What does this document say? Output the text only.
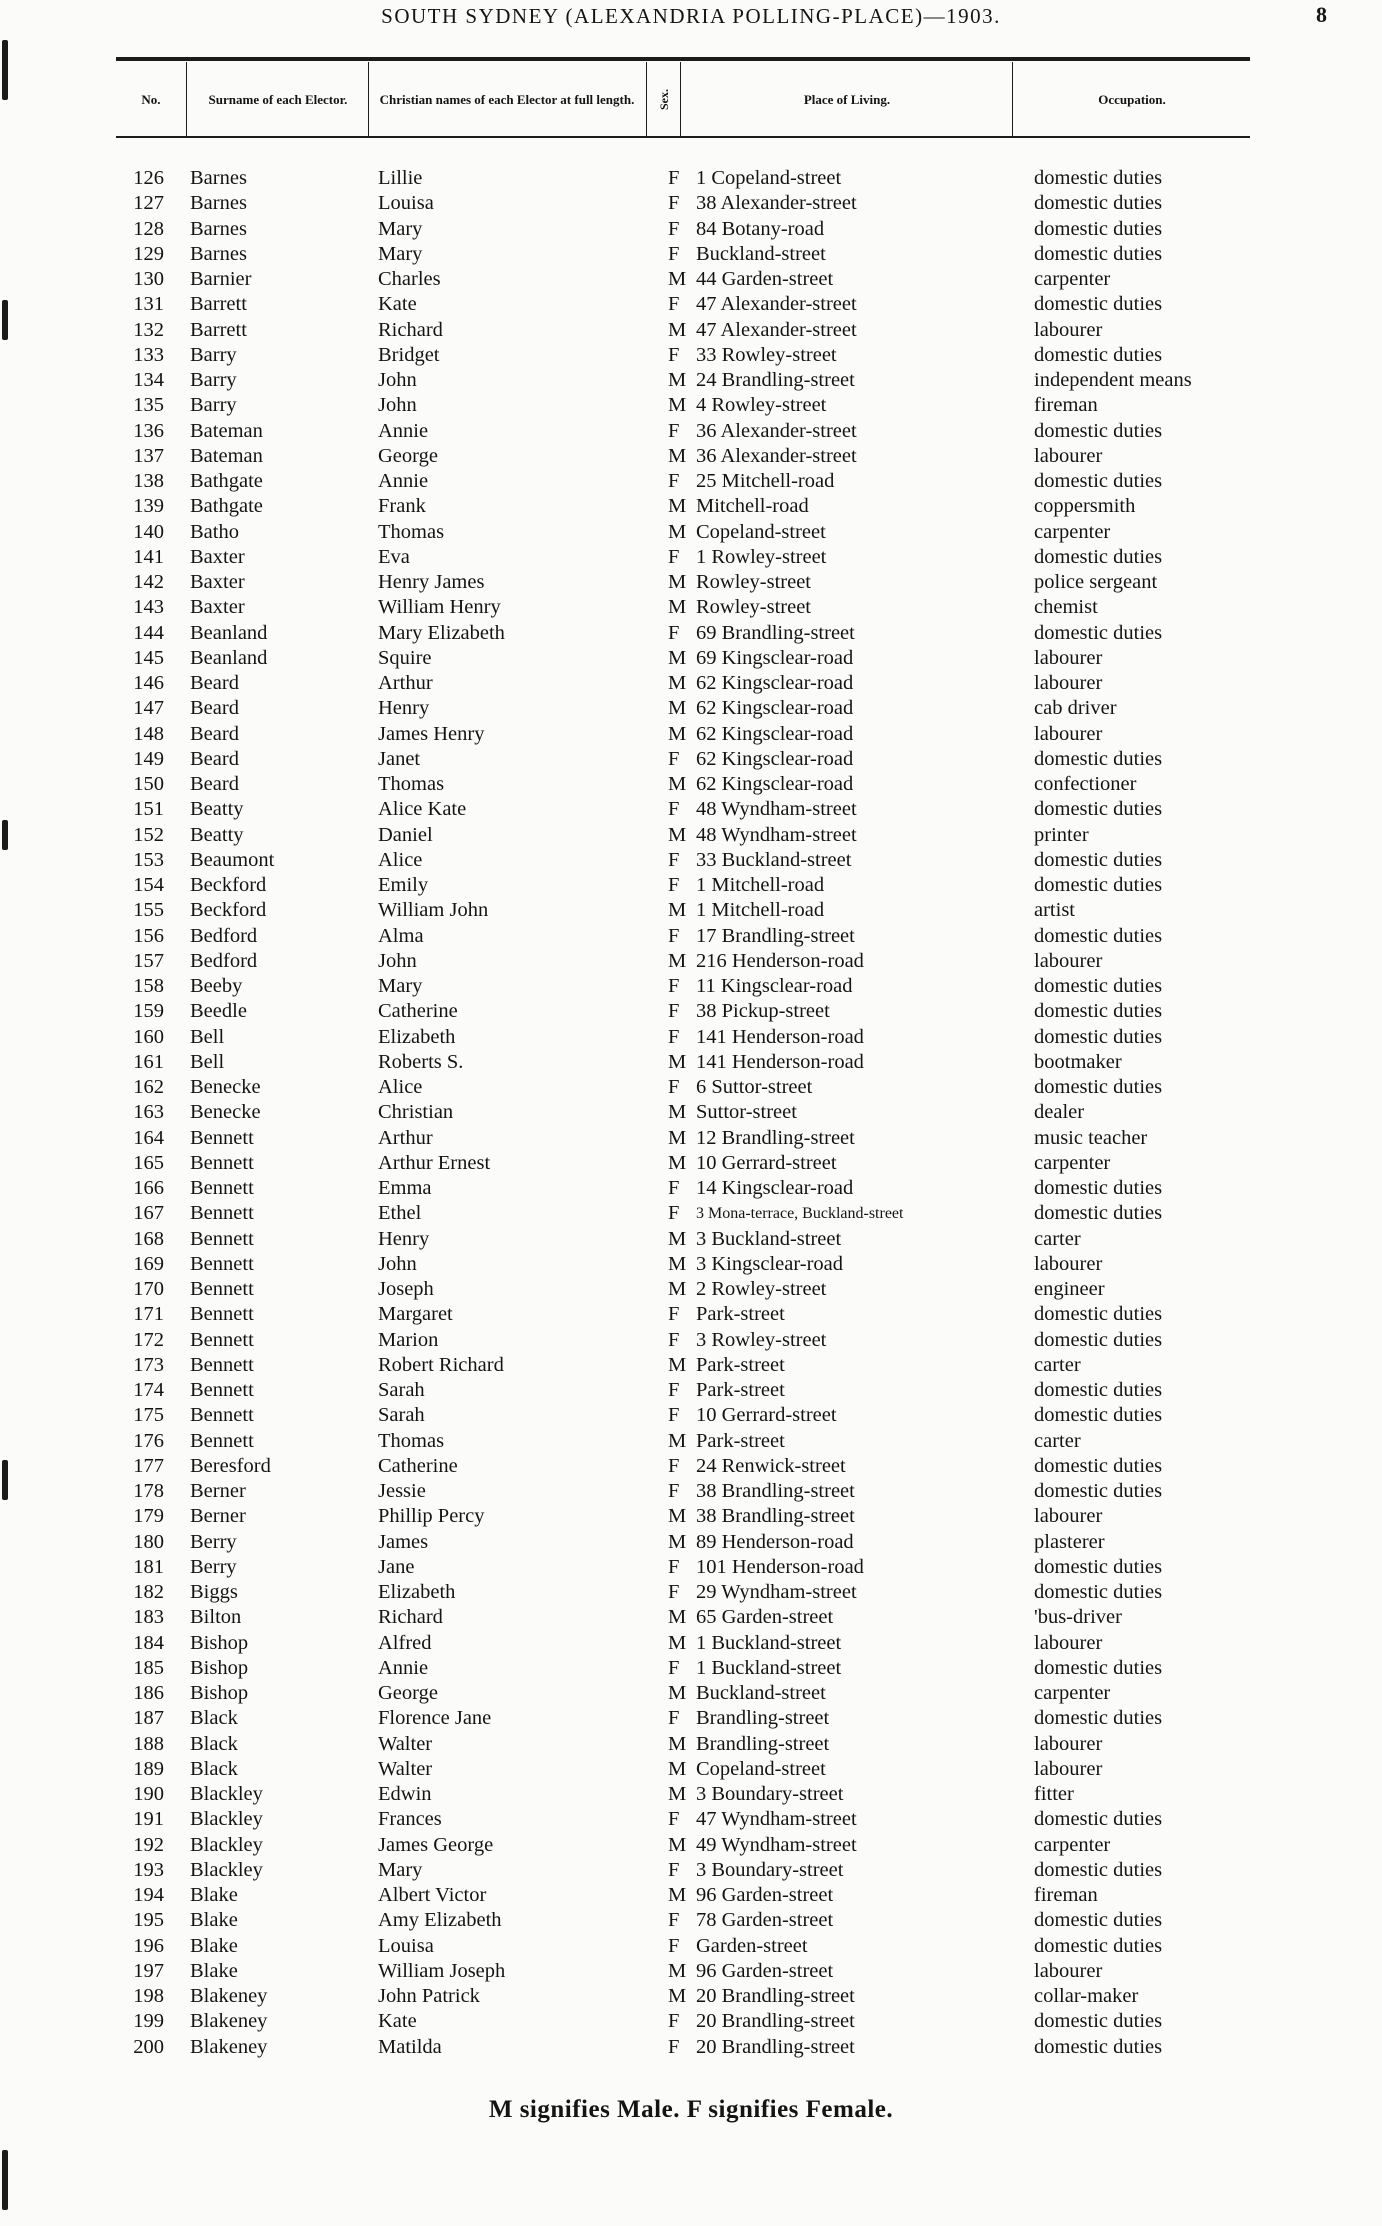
SOUTH SYDNEY (ALEXANDRIA POLLING-PLACE)—1903.	8
No.	Surname of each Elector.	Christian names of each Elector at full length.	Sex.	Place of Living.	Occupation.
126 Barnes	Lillie	F 1 Copeland-street	domestic duties
127 Barnes	Louisa	F 38 Alexander-street	domestic duties
128 Barnes	Mary	F 84 Botany-road	domestic duties
129 Barnes	Mary	F Buckland-street	domestic duties
130 Barnier	Charles	M 44 Garden-street	carpenter
131 Barrett	Kate	F 47 Alexander-street	domestic duties
132 Barrett	Richard	M 47 Alexander-street	labourer
133 Barry	Bridget	F 33 Rowley-street	domestic duties
134 Barry	John	M 24 Brandling-street	independent means
135 Barry	John	M 4 Rowley-street	fireman
136 Bateman	Annie	F 36 Alexander-street	domestic duties
137 Bateman	George	M 36 Alexander-street	labourer
138 Bathgate	Annie	F 25 Mitchell-road	domestic duties
139 Bathgate	Frank	M Mitchell-road	coppersmith
140 Batho	Thomas	M Copeland-street	carpenter
141 Baxter	Eva	F 1 Rowley-street	domestic duties
142 Baxter	Henry James	M Rowley-street	police sergeant
143 Baxter	William Henry	M Rowley-street	chemist
144 Beanland	Mary Elizabeth	F 69 Brandling-street	domestic duties
145 Beanland	Squire	M 69 Kingsclear-road	labourer
146 Beard	Arthur	M 62 Kingsclear-road	labourer
147 Beard	Henry	M 62 Kingsclear-road	cab driver
148 Beard	James Henry	M 62 Kingsclear-road	labourer
149 Beard	Janet	F 62 Kingsclear-road	domestic duties
150 Beard	Thomas	M 62 Kingsclear-road	confectioner
151 Beatty	Alice Kate	F 48 Wyndham-street	domestic duties
152 Beatty	Daniel	M 48 Wyndham-street	printer
153 Beaumont	Alice	F 33 Buckland-street	domestic duties
154 Beckford	Emily	F 1 Mitchell-road	domestic duties
155 Beckford	William John	M 1 Mitchell-road	artist
156 Bedford	Alma	F 17 Brandling-street	domestic duties
157 Bedford	John	M 216 Henderson-road	labourer
158 Beeby	Mary	F 11 Kingsclear-road	domestic duties
159 Beedle	Catherine	F 38 Pickup-street	domestic duties
160 Bell	Elizabeth	F 141 Henderson-road	domestic duties
161 Bell	Roberts S.	M 141 Henderson-road	bootmaker
162 Benecke	Alice	F 6 Suttor-street	domestic duties
163 Benecke	Christian	M Suttor-street	dealer
164 Bennett	Arthur	M 12 Brandling-street	music teacher
165 Bennett	Arthur Ernest	M 10 Gerrard-street	carpenter
166 Bennett	Emma	F 14 Kingsclear-road	domestic duties
167 Bennett	Ethel	F 3 Mona-terrace, Buckland-street	domestic duties
168 Bennett	Henry	M 3 Buckland-street	carter
169 Bennett	John	M 3 Kingsclear-road	labourer
170 Bennett	Joseph	M 2 Rowley-street	engineer
171 Bennett	Margaret	F Park-street	domestic duties
172 Bennett	Marion	F 3 Rowley-street	domestic duties
173 Bennett	Robert Richard	M Park-street	carter
174 Bennett	Sarah	F Park-street	domestic duties
175 Bennett	Sarah	F 10 Gerrard-street	domestic duties
176 Bennett	Thomas	M Park-street	carter
177 Beresford	Catherine	F 24 Renwick-street	domestic duties
178 Berner	Jessie	F 38 Brandling-street	domestic duties
179 Berner	Phillip Percy	M 38 Brandling-street	labourer
180 Berry	James	M 89 Henderson-road	plasterer
181 Berry	Jane	F 101 Henderson-road	domestic duties
182 Biggs	Elizabeth	F 29 Wyndham-street	domestic duties
183 Bilton	Richard	M 65 Garden-street	'bus-driver
184 Bishop	Alfred	M 1 Buckland-street	labourer
185 Bishop	Annie	F 1 Buckland-street	domestic duties
186 Bishop	George	M Buckland-street	carpenter
187 Black	Florence Jane	F Brandling-street	domestic duties
188 Black	Walter	M Brandling-street	labourer
189 Black	Walter	M Copeland-street	labourer
190 Blackley	Edwin	M 3 Boundary-street	fitter
191 Blackley	Frances	F 47 Wyndham-street	domestic duties
192 Blackley	James George	M 49 Wyndham-street	carpenter
193 Blackley	Mary	F 3 Boundary-street	domestic duties
194 Blake	Albert Victor	M 96 Garden-street	fireman
195 Blake	Amy Elizabeth	F 78 Garden-street	domestic duties
196 Blake	Louisa	F Garden-street	domestic duties
197 Blake	William Joseph	M 96 Garden-street	labourer
198 Blakeney	John Patrick	M 20 Brandling-street	collar-maker
199 Blakeney	Kate	F 20 Brandling-street	domestic duties
200 Blakeney	Matilda	F 20 Brandling-street	domestic duties
M signifies Male. F signifies Female.
